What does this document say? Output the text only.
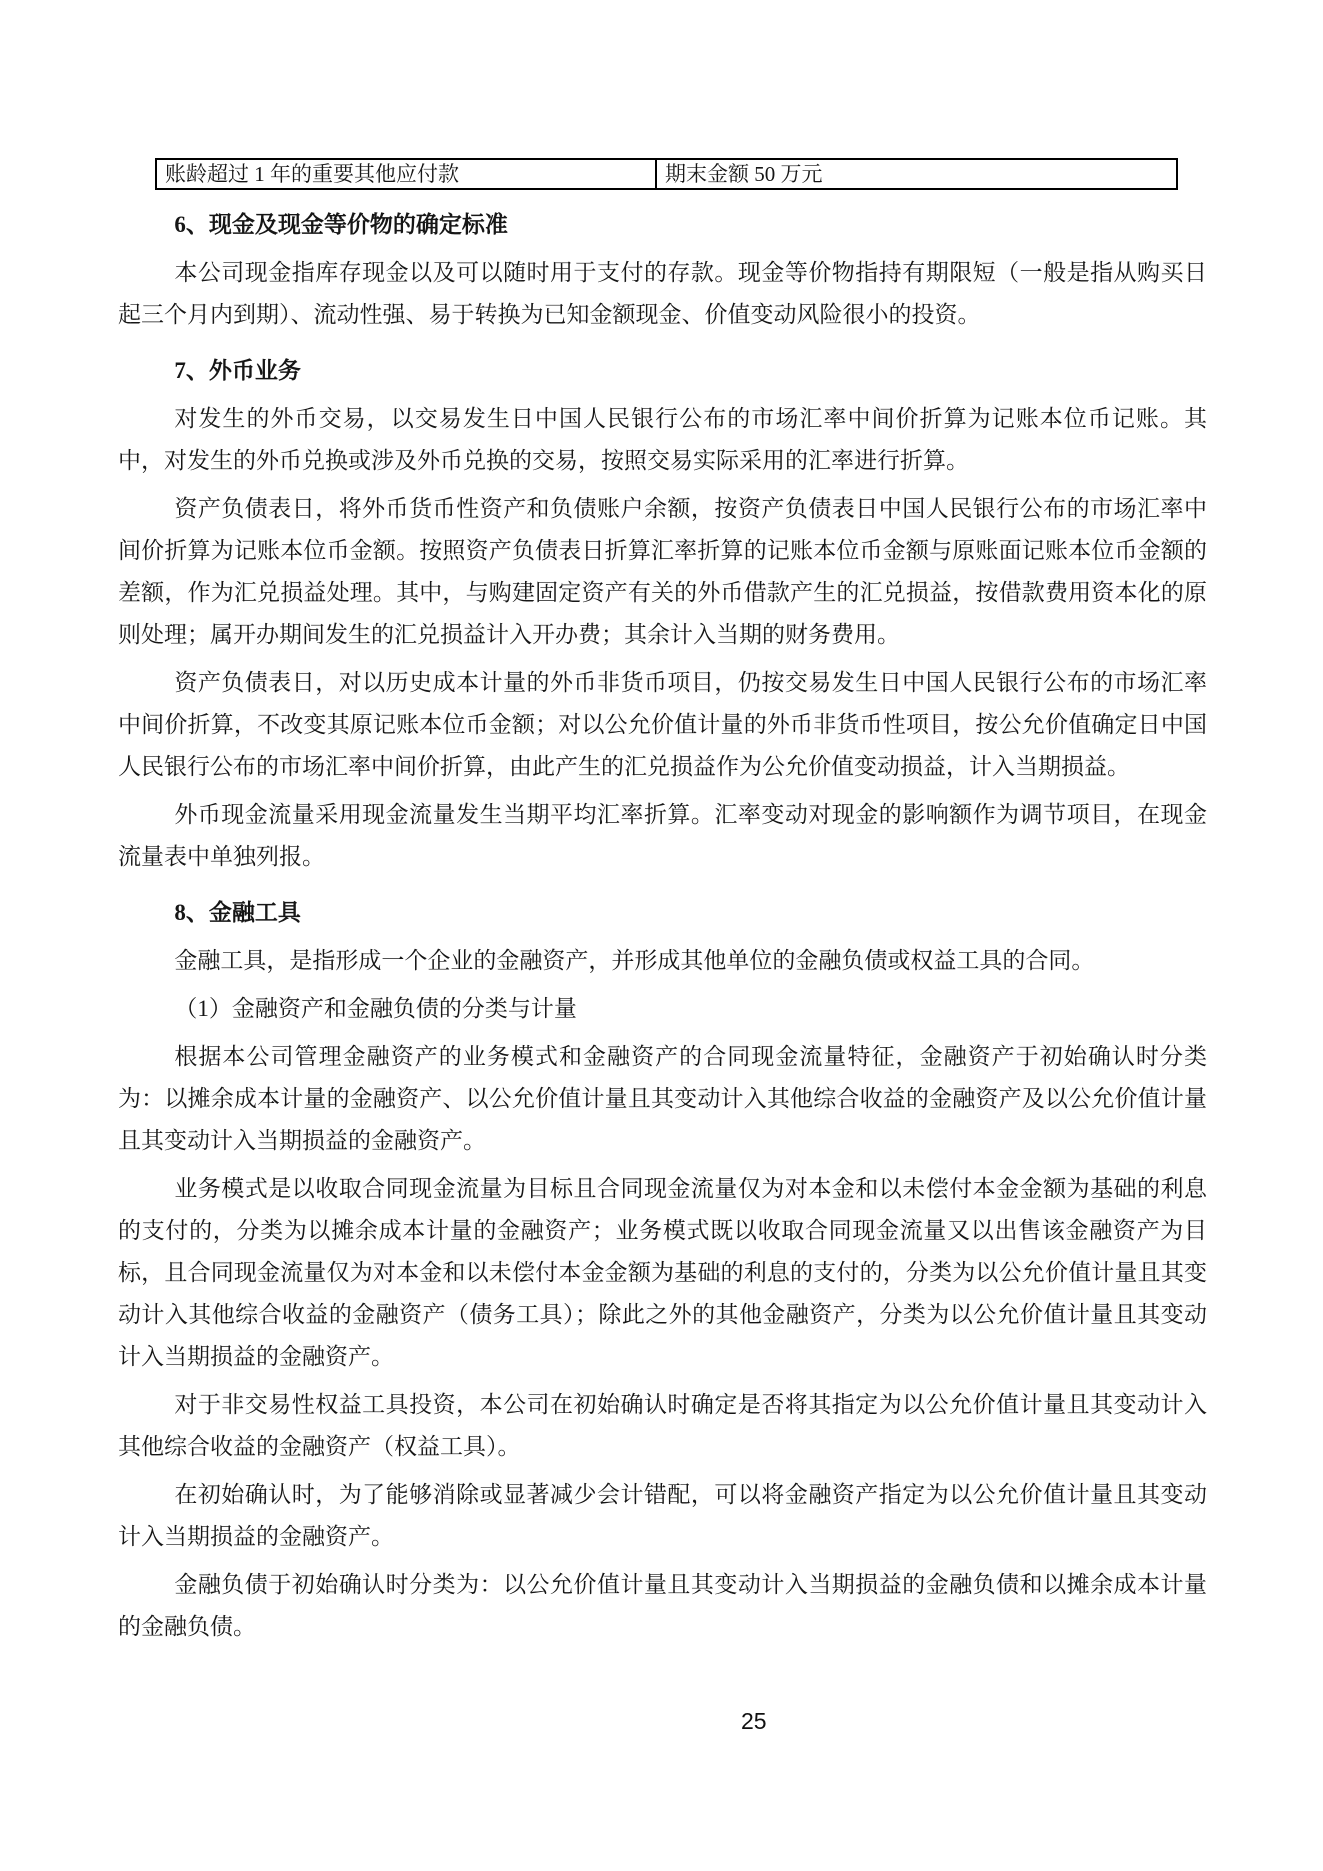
账龄超过 1 年的重要其他应付款	期末金额 50 万元

6、现金及现金等价物的确定标准

本公司现金指库存现金以及可以随时用于支付的存款。现金等价物指持有期限短（一般是指从购买日起三个月内到期）、流动性强、易于转换为已知金额现金、价值变动风险很小的投资。

7、外币业务

对发生的外币交易，以交易发生日中国人民银行公布的市场汇率中间价折算为记账本位币记账。其中，对发生的外币兑换或涉及外币兑换的交易，按照交易实际采用的汇率进行折算。

资产负债表日，将外币货币性资产和负债账户余额，按资产负债表日中国人民银行公布的市场汇率中间价折算为记账本位币金额。按照资产负债表日折算汇率折算的记账本位币金额与原账面记账本位币金额的差额，作为汇兑损益处理。其中，与购建固定资产有关的外币借款产生的汇兑损益，按借款费用资本化的原则处理；属开办期间发生的汇兑损益计入开办费；其余计入当期的财务费用。

资产负债表日，对以历史成本计量的外币非货币项目，仍按交易发生日中国人民银行公布的市场汇率中间价折算，不改变其原记账本位币金额；对以公允价值计量的外币非货币性项目，按公允价值确定日中国人民银行公布的市场汇率中间价折算，由此产生的汇兑损益作为公允价值变动损益，计入当期损益。

外币现金流量采用现金流量发生当期平均汇率折算。汇率变动对现金的影响额作为调节项目，在现金流量表中单独列报。

8、金融工具

金融工具，是指形成一个企业的金融资产，并形成其他单位的金融负债或权益工具的合同。

（1）金融资产和金融负债的分类与计量

根据本公司管理金融资产的业务模式和金融资产的合同现金流量特征，金融资产于初始确认时分类为：以摊余成本计量的金融资产、以公允价值计量且其变动计入其他综合收益的金融资产及以公允价值计量且其变动计入当期损益的金融资产。

业务模式是以收取合同现金流量为目标且合同现金流量仅为对本金和以未偿付本金金额为基础的利息的支付的，分类为以摊余成本计量的金融资产；业务模式既以收取合同现金流量又以出售该金融资产为目标，且合同现金流量仅为对本金和以未偿付本金金额为基础的利息的支付的，分类为以公允价值计量且其变动计入其他综合收益的金融资产（债务工具）；除此之外的其他金融资产，分类为以公允价值计量且其变动计入当期损益的金融资产。

对于非交易性权益工具投资，本公司在初始确认时确定是否将其指定为以公允价值计量且其变动计入其他综合收益的金融资产（权益工具）。

在初始确认时，为了能够消除或显著减少会计错配，可以将金融资产指定为以公允价值计量且其变动计入当期损益的金融资产。

金融负债于初始确认时分类为：以公允价值计量且其变动计入当期损益的金融负债和以摊余成本计量的金融负债。

25
